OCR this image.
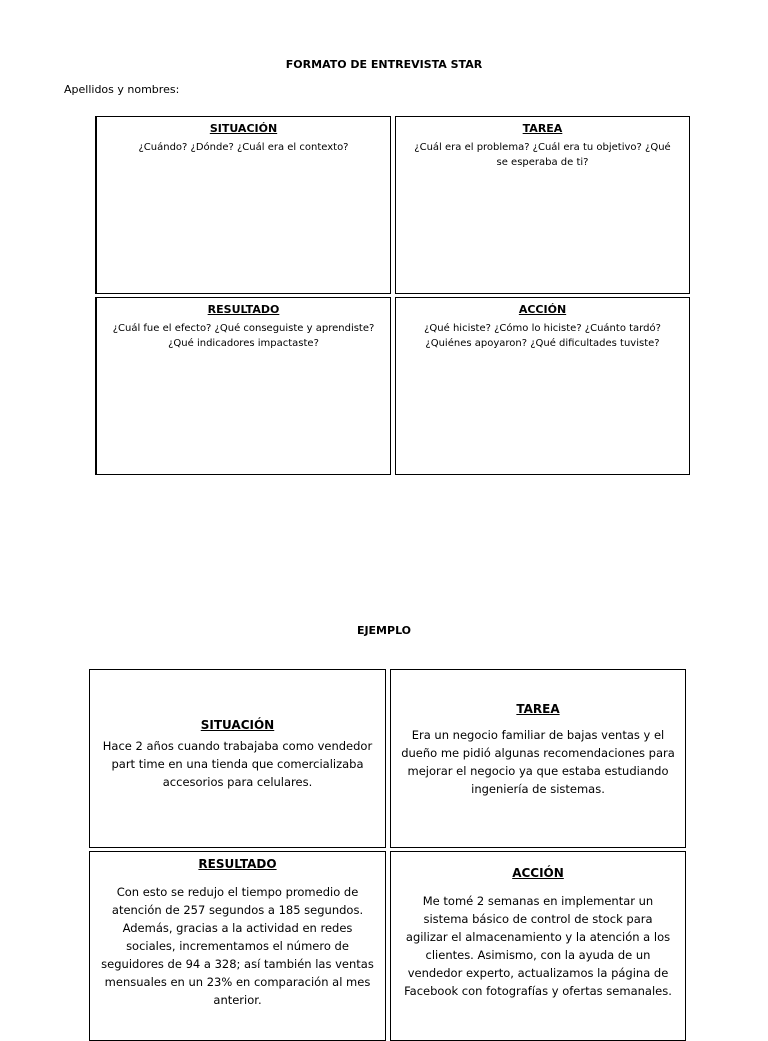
FORMATO DE ENTREVISTA STAR
Apellidos y nombres:
SITUACIÓN
¿Cuándo? ¿Dónde? ¿Cuál era el contexto?
TAREA
¿Cuál era el problema? ¿Cuál era tu objetivo? ¿Qué se esperaba de ti?
RESULTADO
¿Cuál fue el efecto? ¿Qué conseguiste y aprendiste? ¿Qué indicadores impactaste?
ACCIÓN
¿Qué hiciste? ¿Cómo lo hiciste? ¿Cuánto tardó? ¿Quiénes apoyaron? ¿Qué dificultades tuviste?
EJEMPLO
SITUACIÓN
Hace 2 años cuando trabajaba como vendedor part time en una tienda que comercializaba accesorios para celulares.
TAREA
Era un negocio familiar de bajas ventas y el dueño me pidió algunas recomendaciones para mejorar el negocio ya que estaba estudiando ingeniería de sistemas.
RESULTADO
Con esto se redujo el tiempo promedio de atención de 257 segundos a 185 segundos. Además, gracias a la actividad en redes sociales, incrementamos el número de seguidores de 94 a 328; así también las ventas mensuales en un 23% en comparación al mes anterior.
ACCIÓN
Me tomé 2 semanas en implementar un sistema básico de control de stock para agilizar el almacenamiento y la atención a los clientes. Asimismo, con la ayuda de un vendedor experto, actualizamos la página de Facebook con fotografías y ofertas semanales.
